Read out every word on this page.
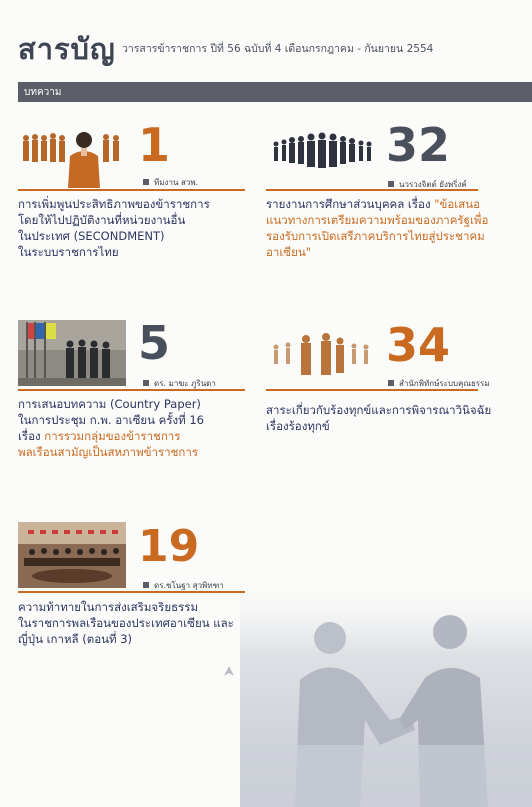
สารบัญ วารสารข้าราชการ ปีที่ 56 ฉบับที่ 4 เดือนกรกฎาคม - กันยายน 2554
บทความ
1
ทีมงาน สวพ.
การเพิ่มพูนประสิทธิภาพของข้าราชการ
โดยให้ไปปฏิบัติงานที่หน่วยงานอื่น
ในประเทศ (SECONDMENT)
ในระบบราชการไทย
32
นวรวงจิตต์ ยังพริ่งค์
รายงานการศึกษาส่วนบุคคล เรื่อง "ข้อเสนอ
แนวทางการเตรียมความพร้อมของภาครัฐเพื่อ
รองรับการเปิดเสรีภาคบริการไทยสู่ประชาคม
อาเซียน"
5
ดร. มาฆะ ภูรินดา
การเสนอบทความ (Country Paper)
ในการประชุม ก.พ. อาเซียน ครั้งที่ 16
เรื่อง การรวมกลุ่มของข้าราชการ
พลเรือนสามัญเป็นสหภาพข้าราชการ
34
สำนักพิทักษ์ระบบคุณธรรม
สาระเกี่ยวกับร้องทุกข์และการพิจารณาวินิจฉัย
เรื่องร้องทุกข์
19
ดร.ชโนฐา สุวพิทฑา
ความท้าทายในการส่งเสริมจริยธรรม
ในราชการพลเรือนของประเทศอาเซียน และ
ญี่ปุ่น เกาหลี (ตอนที่ 3)
